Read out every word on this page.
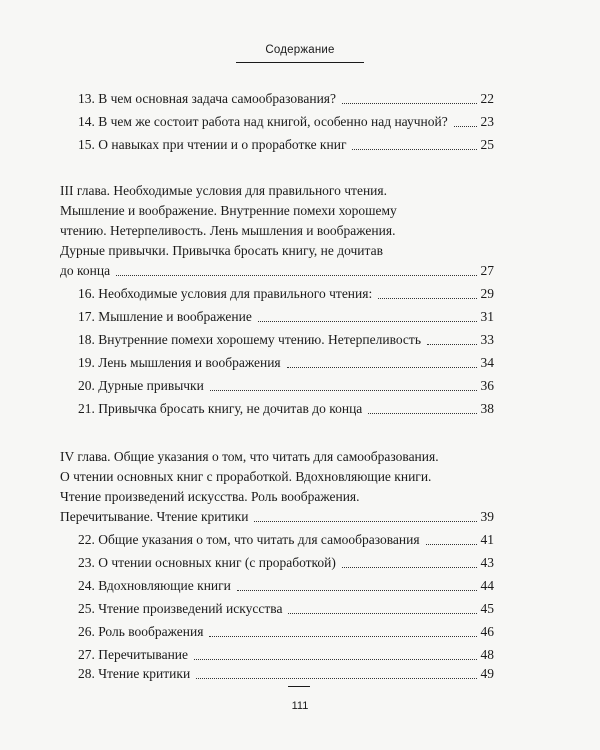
Содержание
13. В чем основная задача самообразования?	22
14. В чем же состоит работа над книгой, особенно над научной? 23
15. О навыках при чтении и о проработке книг	25
III глава. Необходимые условия для правильного чтения.
Мышление и воображение. Внутренние помехи хорошему
чтению. Нетерпеливость. Лень мышления и воображения.
Дурные привычки. Привычка бросать книгу, не дочитав
до конца	27
16. Необходимые условия для правильного чтения:	29
17. Мышление и воображение	31
18. Внутренние помехи хорошему чтению. Нетерпеливость	33
19. Лень мышления и воображения	34
20. Дурные привычки	36
21. Привычка бросать книгу, не дочитав до конца	38
IV глава. Общие указания о том, что читать для самообразования.
О чтении основных книг с проработкой. Вдохновляющие книги.
Чтение произведений искусства. Роль воображения.
Перечитывание. Чтение критики	39
22. Общие указания о том, что читать для самообразования	41
23. О чтении основных книг (с проработкой)	43
24. Вдохновляющие книги	44
25. Чтение произведений искусства	45
26. Роль воображения	46
27. Перечитывание	48
28. Чтение критики	49
111
